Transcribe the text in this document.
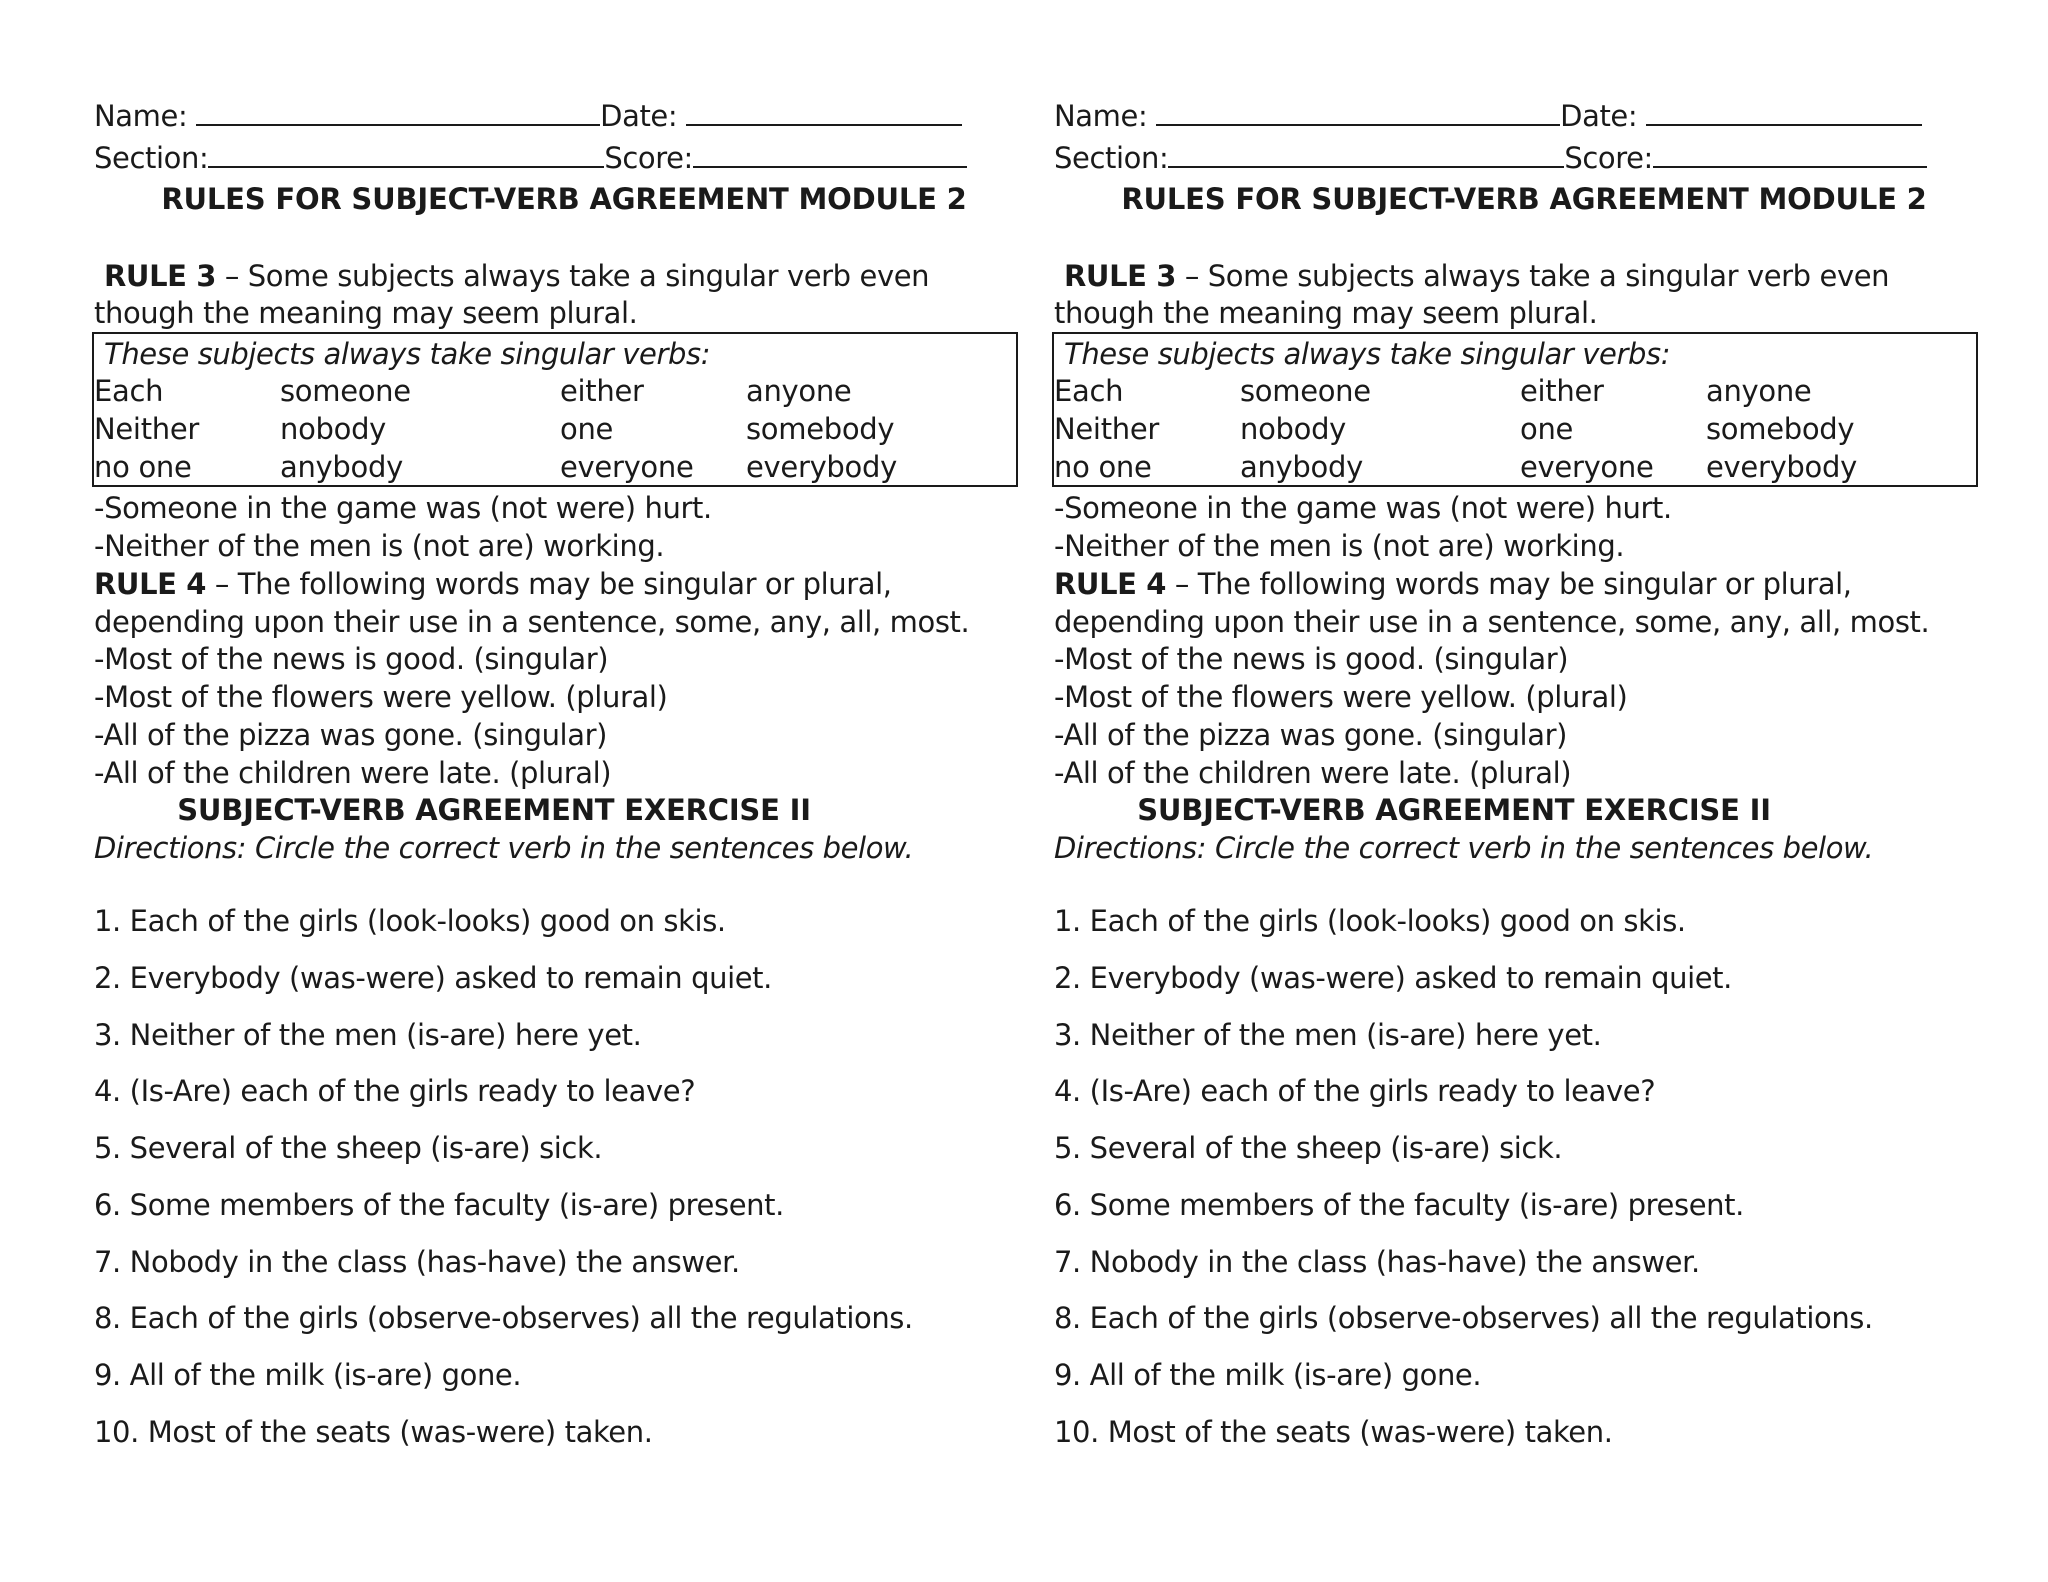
Name:	Date:
Section:	Score:
RULES FOR SUBJECT-VERB AGREEMENT MODULE 2
RULE 3 – Some subjects always take a singular verb even
though the meaning may seem plural.
These subjects always take singular verbs:
Each	someone	either	anyone
Neither	nobody	one	somebody
no one	anybody	everyone everybody
-Someone in the game was (not were) hurt.
-Neither of the men is (not are) working.
RULE 4 – The following words may be singular or plural,
depending upon their use in a sentence, some, any, all, most.
-Most of the news is good. (singular)
-Most of the flowers were yellow. (plural)
-All of the pizza was gone. (singular)
-All of the children were late. (plural)
SUBJECT-VERB AGREEMENT EXERCISE II
Directions: Circle the correct verb in the sentences below.
1. Each of the girls (look-looks) good on skis.
2. Everybody (was-were) asked to remain quiet.
3. Neither of the men (is-are) here yet.
4. (Is-Are) each of the girls ready to leave?
5. Several of the sheep (is-are) sick.
6. Some members of the faculty (is-are) present.
7. Nobody in the class (has-have) the answer.
8. Each of the girls (observe-observes) all the regulations.
9. All of the milk (is-are) gone.
10. Most of the seats (was-were) taken.
Name:	Date:
Section:	Score:
RULES FOR SUBJECT-VERB AGREEMENT MODULE 2
RULE 3 – Some subjects always take a singular verb even
though the meaning may seem plural.
These subjects always take singular verbs:
Each	someone	either	anyone
Neither	nobody	one	somebody
no one	anybody	everyone everybody
-Someone in the game was (not were) hurt.
-Neither of the men is (not are) working.
RULE 4 – The following words may be singular or plural,
depending upon their use in a sentence, some, any, all, most.
-Most of the news is good. (singular)
-Most of the flowers were yellow. (plural)
-All of the pizza was gone. (singular)
-All of the children were late. (plural)
SUBJECT-VERB AGREEMENT EXERCISE II
Directions: Circle the correct verb in the sentences below.
1. Each of the girls (look-looks) good on skis.
2. Everybody (was-were) asked to remain quiet.
3. Neither of the men (is-are) here yet.
4. (Is-Are) each of the girls ready to leave?
5. Several of the sheep (is-are) sick.
6. Some members of the faculty (is-are) present.
7. Nobody in the class (has-have) the answer.
8. Each of the girls (observe-observes) all the regulations.
9. All of the milk (is-are) gone.
10. Most of the seats (was-were) taken.
